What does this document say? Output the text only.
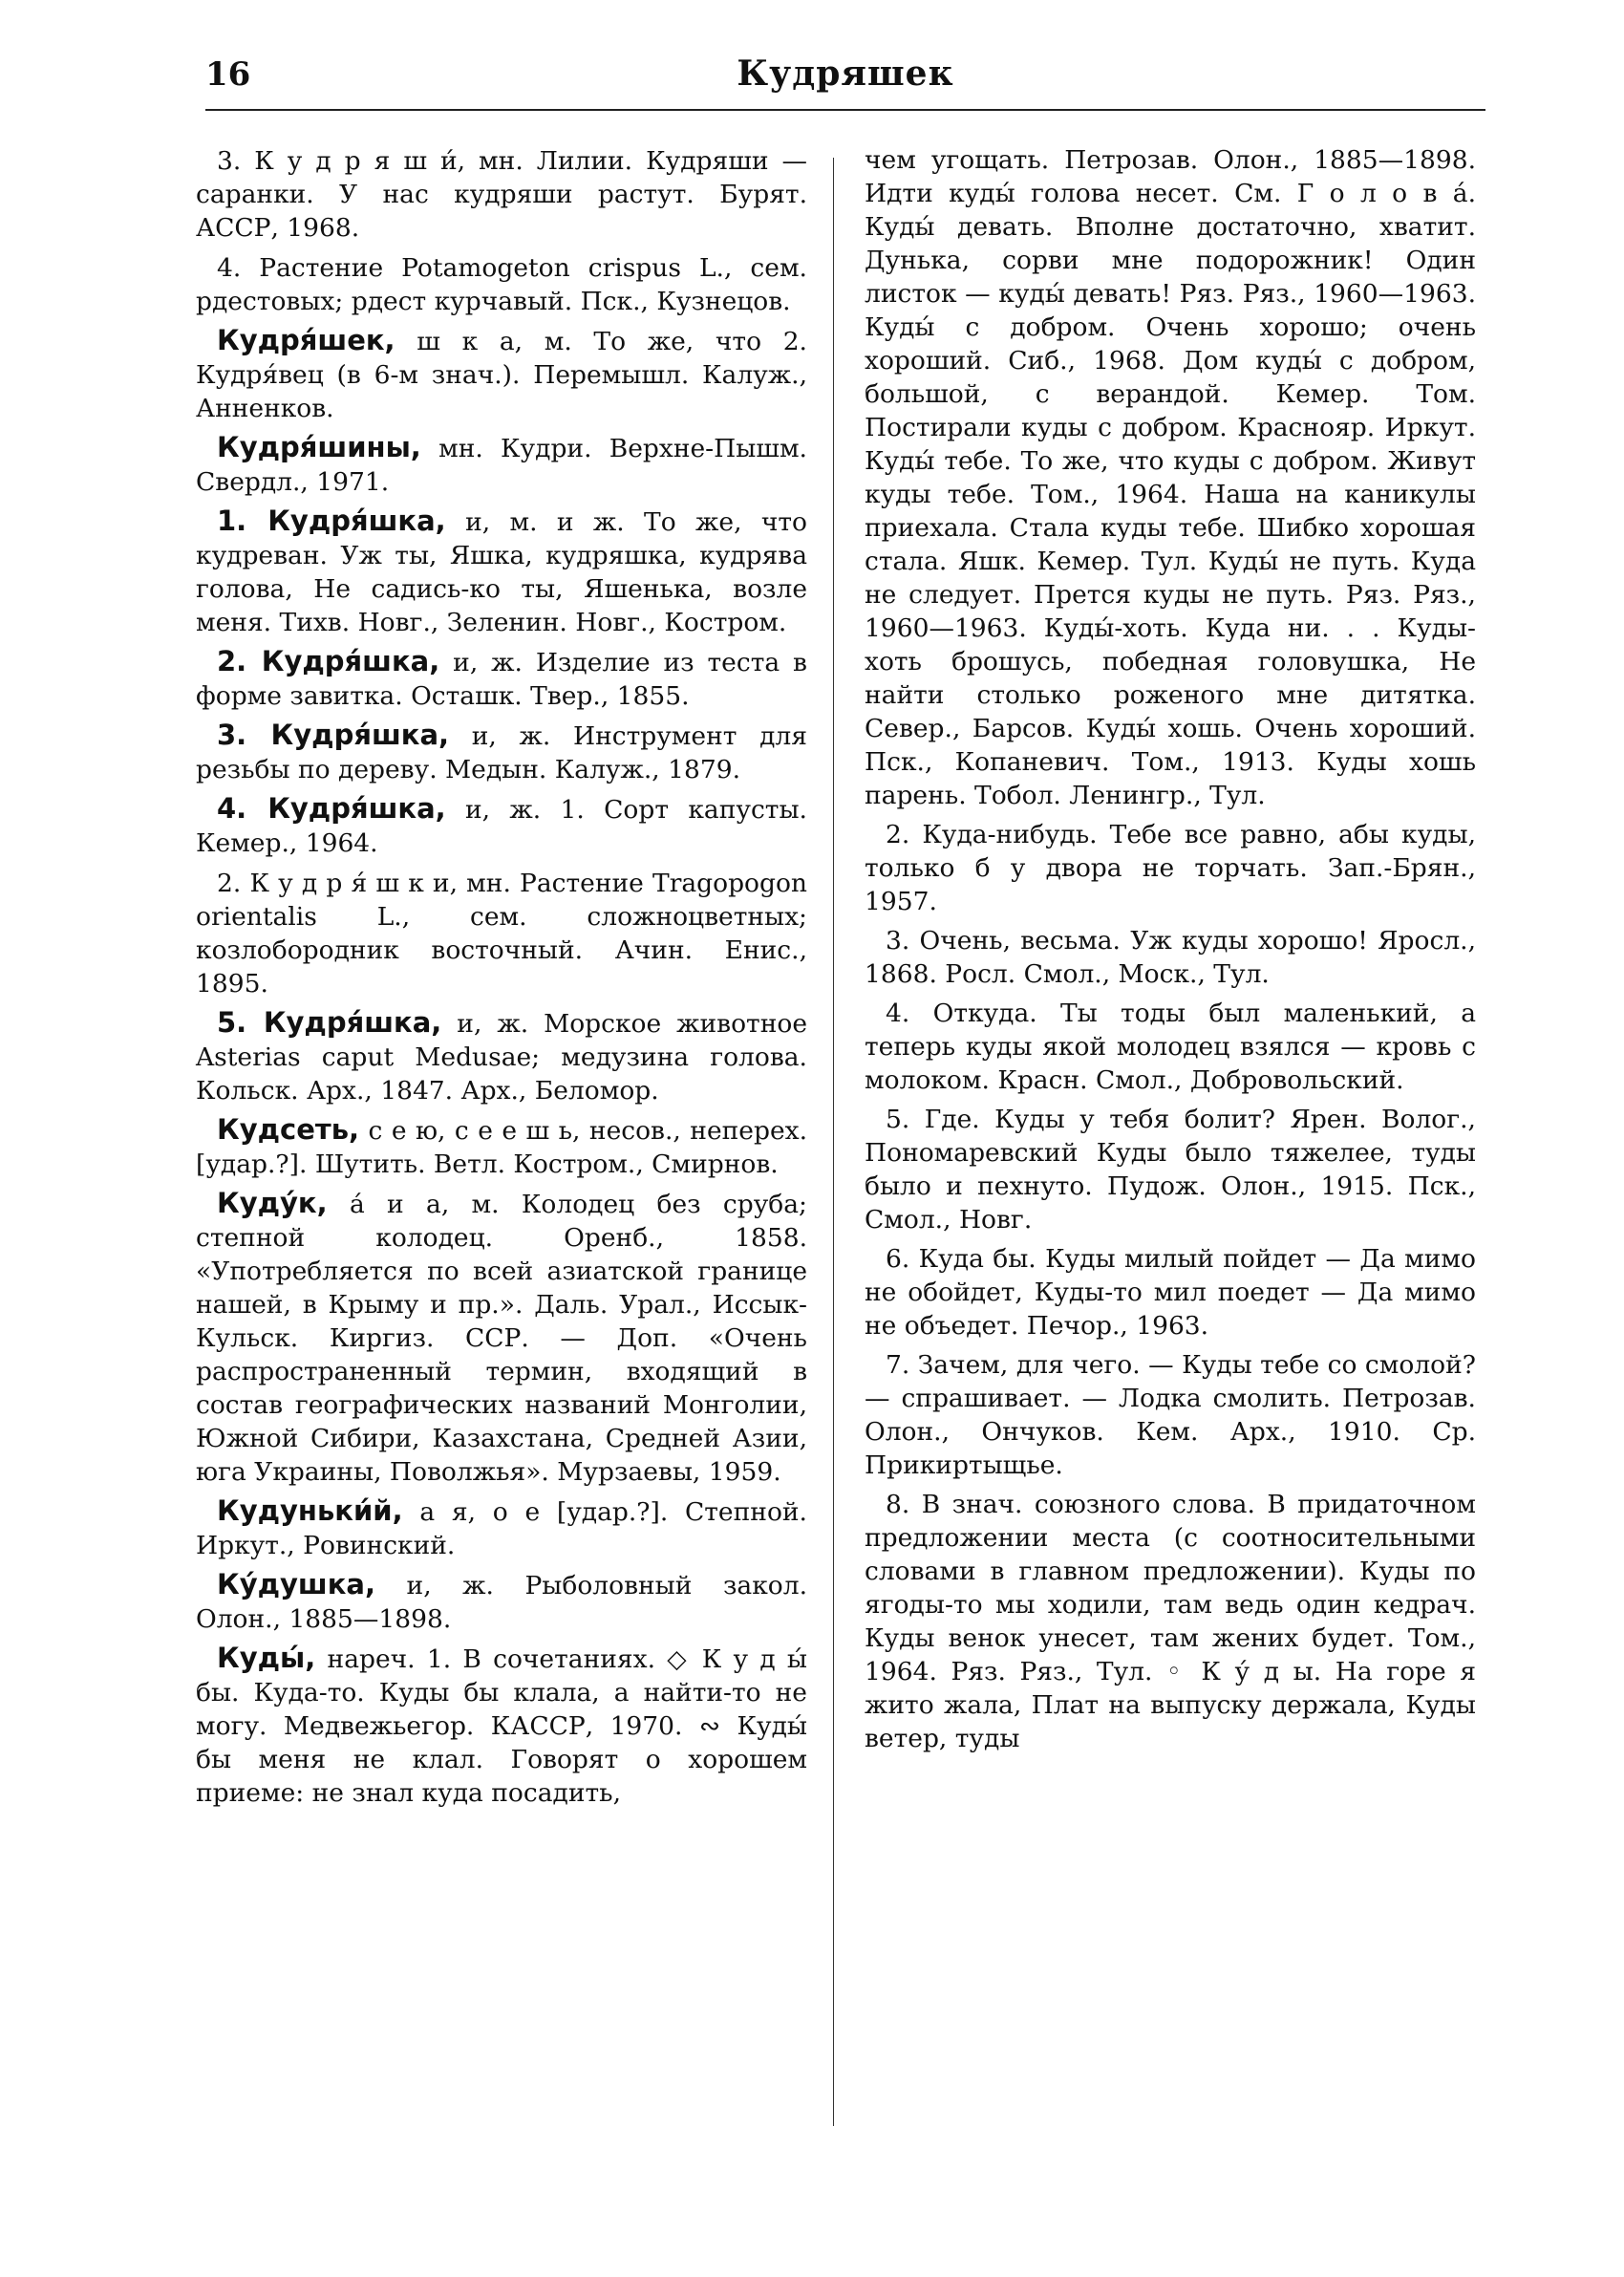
16	Кудряшек

3. К у д р я ш и́, мн. Лилии. Кудряши — саранки. У нас кудряши растут. Бурят. АССР, 1968.

4. Растение Potamogeton crispus L., сем. рдестовых; рдест курчавый. Пск., Кузнецов.

Кудря́шек, ш к а, м. То же, что 2. Кудря́вец (в 6-м знач.). Перемышл. Калуж., Анненков.

Кудря́шины, мн. Кудри. Верхне-Пышм. Свердл., 1971.

1. Кудря́шка, и, м. и ж. То же, что кудреван. Уж ты, Яшка, кудряшка, кудрява голова, Не садись-ко ты, Яшенька, возле меня. Тихв. Новг., Зеленин. Новг., Костром.

2. Кудря́шка, и, ж. Изделие из теста в форме завитка. Осташк. Твер., 1855.

3. Кудря́шка, и, ж. Инструмент для резьбы по дереву. Медын. Калуж., 1879.

4. Кудря́шка, и, ж. 1. Сорт капусты. Кемер., 1964.

2. К у д р я́ ш к и, мн. Растение Tragopogon orientalis L., сем. сложноцветных; козлобородник восточный. Ачин. Енис., 1895.

5. Кудря́шка, и, ж. Морское животное Asterias caput Medusae; медузина голова. Кольск. Арх., 1847. Арх., Беломор.

Кудсеть, с е ю, с е е ш ь, несов., неперех. [удар.?]. Шутить. Ветл. Костром., Смирнов.

Куду́к, а́ и а, м. Колодец без сруба; степной колодец. Оренб., 1858. «Употребляется по всей азиатской границе нашей, в Крыму и пр.». Даль. Урал., Иссык-Кульск. Киргиз. ССР. — Доп. «Очень распространенный термин, входящий в состав географических названий Монголии, Южной Сибири, Казахстана, Средней Азии, юга Украины, Поволжья». Мурзаевы, 1959.

Кудуньки́й, а я, о е [удар.?]. Степной. Иркут., Ровинский.

Ку́душка, и, ж. Рыболовный закол. Олон., 1885—1898.

Куды́, нареч. 1. В сочетаниях. ◇ К у д ы́ бы. Куда-то. Куды бы клала, а найти-то не могу. Медвежьегор. КАССР, 1970. ∾ Куды́ бы меня не клал. Говорят о хорошем приеме: не знал куда посадить,

чем угощать. Петрозав. Олон., 1885—1898. Идти куды́ голова несет. См. Г о л о в а́. Куды́ девать. Вполне достаточно, хватит. Дунька, сорви мне подорожник! Один листок — куды́ девать! Ряз. Ряз., 1960—1963. Куды́ с добром. Очень хорошо; очень хороший. Сиб., 1968. Дом куды́ с добром, большой, с верандой. Кемер. Том. Постирали куды с добром. Краснояр. Иркут. Куды́ тебе. То же, что куды с добром. Живут куды тебе. Том., 1964. Наша на каникулы приехала. Стала куды тебе. Шибко хорошая стала. Яшк. Кемер. Тул. Куды́ не путь. Куда не следует. Прется куды не путь. Ряз. Ряз., 1960—1963. Куды́-хоть. Куда ни. . . Куды-хоть брошусь, победная головушка, Не найти столько роженого мне дитятка. Север., Барсов. Куды́ хошь. Очень хороший. Пск., Копаневич. Том., 1913. Куды хошь парень. Тобол. Ленингр., Тул.

2. Куда-нибудь. Тебе все равно, абы куды, только б у двора не торчать. Зап.-Брян., 1957.

3. Очень, весьма. Уж куды хорошо! Яросл., 1868. Росл. Смол., Моск., Тул.

4. Откуда. Ты тоды был маленький, а теперь куды якой молодец взялся — кровь с молоком. Красн. Смол., Добровольский.

5. Где. Куды у тебя болит? Ярен. Волог., Пономаревский Куды было тяжелее, туды было и пехнуто. Пудож. Олон., 1915. Пск., Смол., Новг.

6. Куда бы. Куды милый пойдет — Да мимо не обойдет, Куды-то мил поедет — Да мимо не объедет. Печор., 1963.

7. Зачем, для чего. — Куды тебе со смолой? — спрашивает. — Лодка смолить. Петрозав. Олон., Ончуков. Кем. Арх., 1910. Ср. Прикиртыщье.

8. В знач. союзного слова. В придаточном предложении места (с соотносительными словами в главном предложении). Куды по ягоды-то мы ходили, там ведь один кедрач. Куды венок унесет, там жених будет. Том., 1964. Ряз. Ряз., Тул. ◦ К у́ д ы. На горе я жито жала, Плат на выпуску держала, Куды ветер, туды
